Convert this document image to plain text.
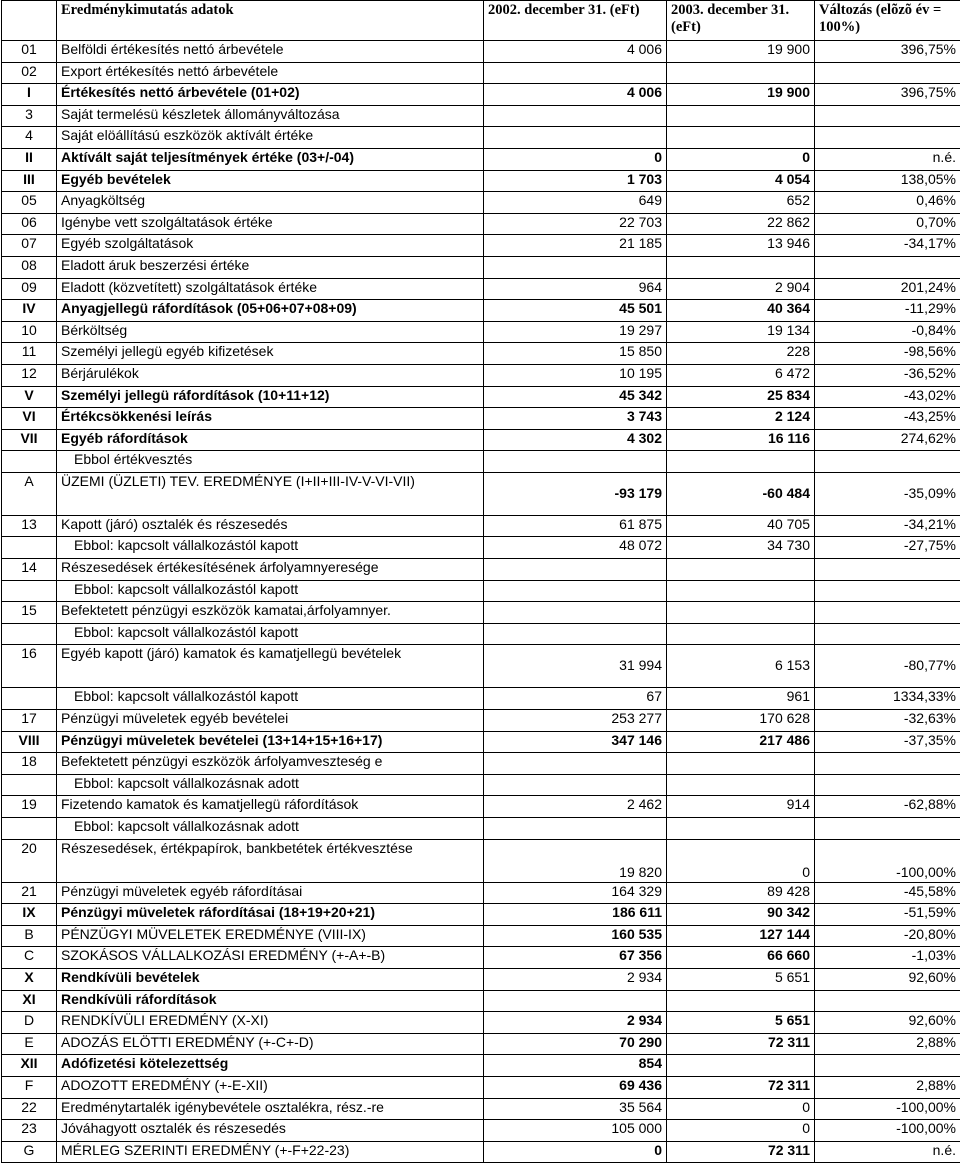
	Eredménykimutatás adatok	2002. december 31. (eFt)	2003. december 31. (eFt)	Változás (elõzõ év = 100%)
01	Belföldi értékesítés nettó árbevétele	4 006	19 900	396,75%
02	Export értékesítés nettó árbevétele			
I	Értékesítés nettó árbevétele (01+02)	4 006	19 900	396,75%
3	Saját termelésü készletek állományváltozása			
4	Saját elöállítású eszközök aktívált értéke			
II	Aktívált saját teljesítmények értéke (03+/-04)	0	0	n.é.
III	Egyéb bevételek	1 703	4 054	138,05%
05	Anyagköltség	649	652	0,46%
06	Igénybe vett szolgáltatások értéke	22 703	22 862	0,70%
07	Egyéb szolgáltatások	21 185	13 946	-34,17%
08	Eladott áruk beszerzési értéke			
09	Eladott (közvetített) szolgáltatások értéke	964	2 904	201,24%
IV	Anyagjellegü ráfordítások (05+06+07+08+09)	45 501	40 364	-11,29%
10	Bérköltség	19 297	19 134	-0,84%
11	Személyi jellegü egyéb kifizetések	15 850	228	-98,56%
12	Bérjárulékok	10 195	6 472	-36,52%
V	Személyi jellegü ráfordítások (10+11+12)	45 342	25 834	-43,02%
VI	Értékcsökkenési leírás	3 743	2 124	-43,25%
VII	Egyéb ráfordítások	4 302	16 116	274,62%
	Ebbol értékvesztés			
A	ÜZEMI (ÜZLETI) TEV. EREDMÉNYE (I+II+III-IV-V-VI-VII)	-93 179	-60 484	-35,09%
13	Kapott (járó) osztalék és részesedés	61 875	40 705	-34,21%
	Ebbol: kapcsolt vállalkozástól kapott	48 072	34 730	-27,75%
14	Részesedések értékesítésének árfolyamnyeresége			
	Ebbol: kapcsolt vállalkozástól kapott			
15	Befektetett pénzügyi eszközök kamatai,árfolyamnyer.			
	Ebbol: kapcsolt vállalkozástól kapott			
16	Egyéb kapott (járó) kamatok és kamatjellegü bevételek	31 994	6 153	-80,77%
	Ebbol: kapcsolt vállalkozástól kapott	67	961	1334,33%
17	Pénzügyi müveletek egyéb bevételei	253 277	170 628	-32,63%
VIII	Pénzügyi müveletek bevételei (13+14+15+16+17)	347 146	217 486	-37,35%
18	Befektetett pénzügyi eszközök árfolyamveszteség e			
	Ebbol: kapcsolt vállalkozásnak adott			
19	Fizetendo kamatok és kamatjellegü ráfordítások	2 462	914	-62,88%
	Ebbol: kapcsolt vállalkozásnak adott			
20	Részesedések, értékpapírok, bankbetétek értékvesztése	19 820	0	-100,00%
21	Pénzügyi müveletek egyéb ráfordításai	164 329	89 428	-45,58%
IX	Pénzügyi müveletek ráfordításai (18+19+20+21)	186 611	90 342	-51,59%
B	PÉNZÜGYI MÜVELETEK EREDMÉNYE (VIII-IX)	160 535	127 144	-20,80%
C	SZOKÁSOS VÁLLALKOZÁSI EREDMÉNY (+-A+-B)	67 356	66 660	-1,03%
X	Rendkívüli bevételek	2 934	5 651	92,60%
XI	Rendkívüli ráfordítások			
D	RENDKÍVÜLI EREDMÉNY (X-XI)	2 934	5 651	92,60%
E	ADOZÁS ELÖTTI EREDMÉNY (+-C+-D)	70 290	72 311	2,88%
XII	Adófizetési kötelezettség	854		
F	ADOZOTT EREDMÉNY (+-E-XII)	69 436	72 311	2,88%
22	Eredménytartalék igénybevétele osztalékra, rész.-re	35 564	0	-100,00%
23	Jóváhagyott osztalék és részesedés	105 000	0	-100,00%
G	MÉRLEG SZERINTI EREDMÉNY (+-F+22-23)	0	72 311	n.é.
